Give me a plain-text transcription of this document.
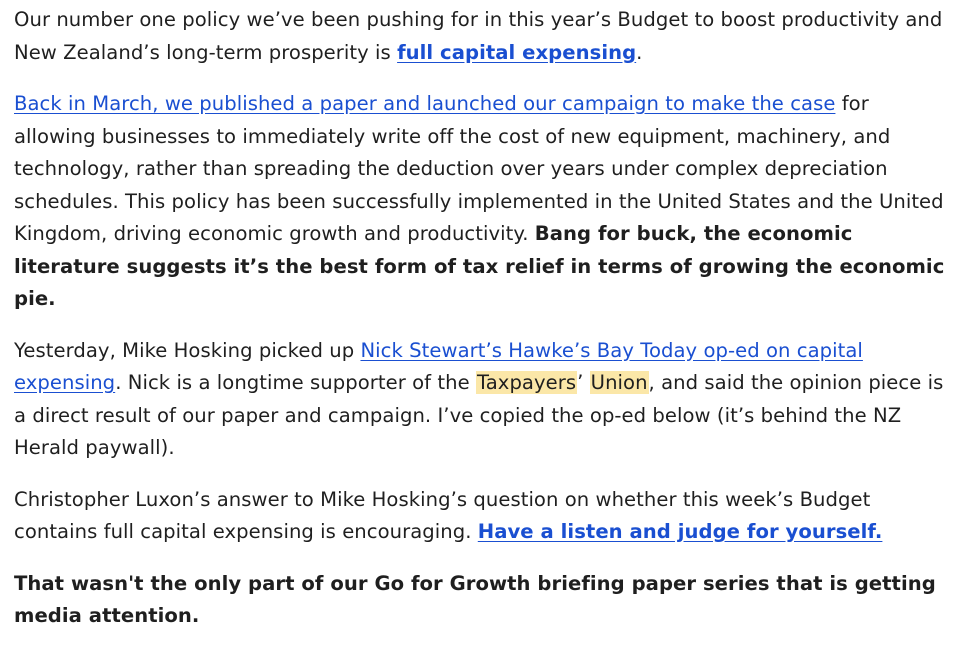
Our number one policy we’ve been pushing for in this year’s Budget to boost productivity and New Zealand’s long-term prosperity is full capital expensing.

Back in March, we published a paper and launched our campaign to make the case for allowing businesses to immediately write off the cost of new equipment, machinery, and technology, rather than spreading the deduction over years under complex depreciation schedules. This policy has been successfully implemented in the United States and the United Kingdom, driving economic growth and productivity. Bang for buck, the economic literature suggests it’s the best form of tax relief in terms of growing the economic pie.

Yesterday, Mike Hosking picked up Nick Stewart’s Hawke’s Bay Today op-ed on capital expensing. Nick is a longtime supporter of the Taxpayers’ Union, and said the opinion piece is a direct result of our paper and campaign. I’ve copied the op-ed below (it’s behind the NZ Herald paywall).

Christopher Luxon’s answer to Mike Hosking’s question on whether this week’s Budget contains full capital expensing is encouraging. Have a listen and judge for yourself.

That wasn't the only part of our Go for Growth briefing paper series that is getting media attention.
